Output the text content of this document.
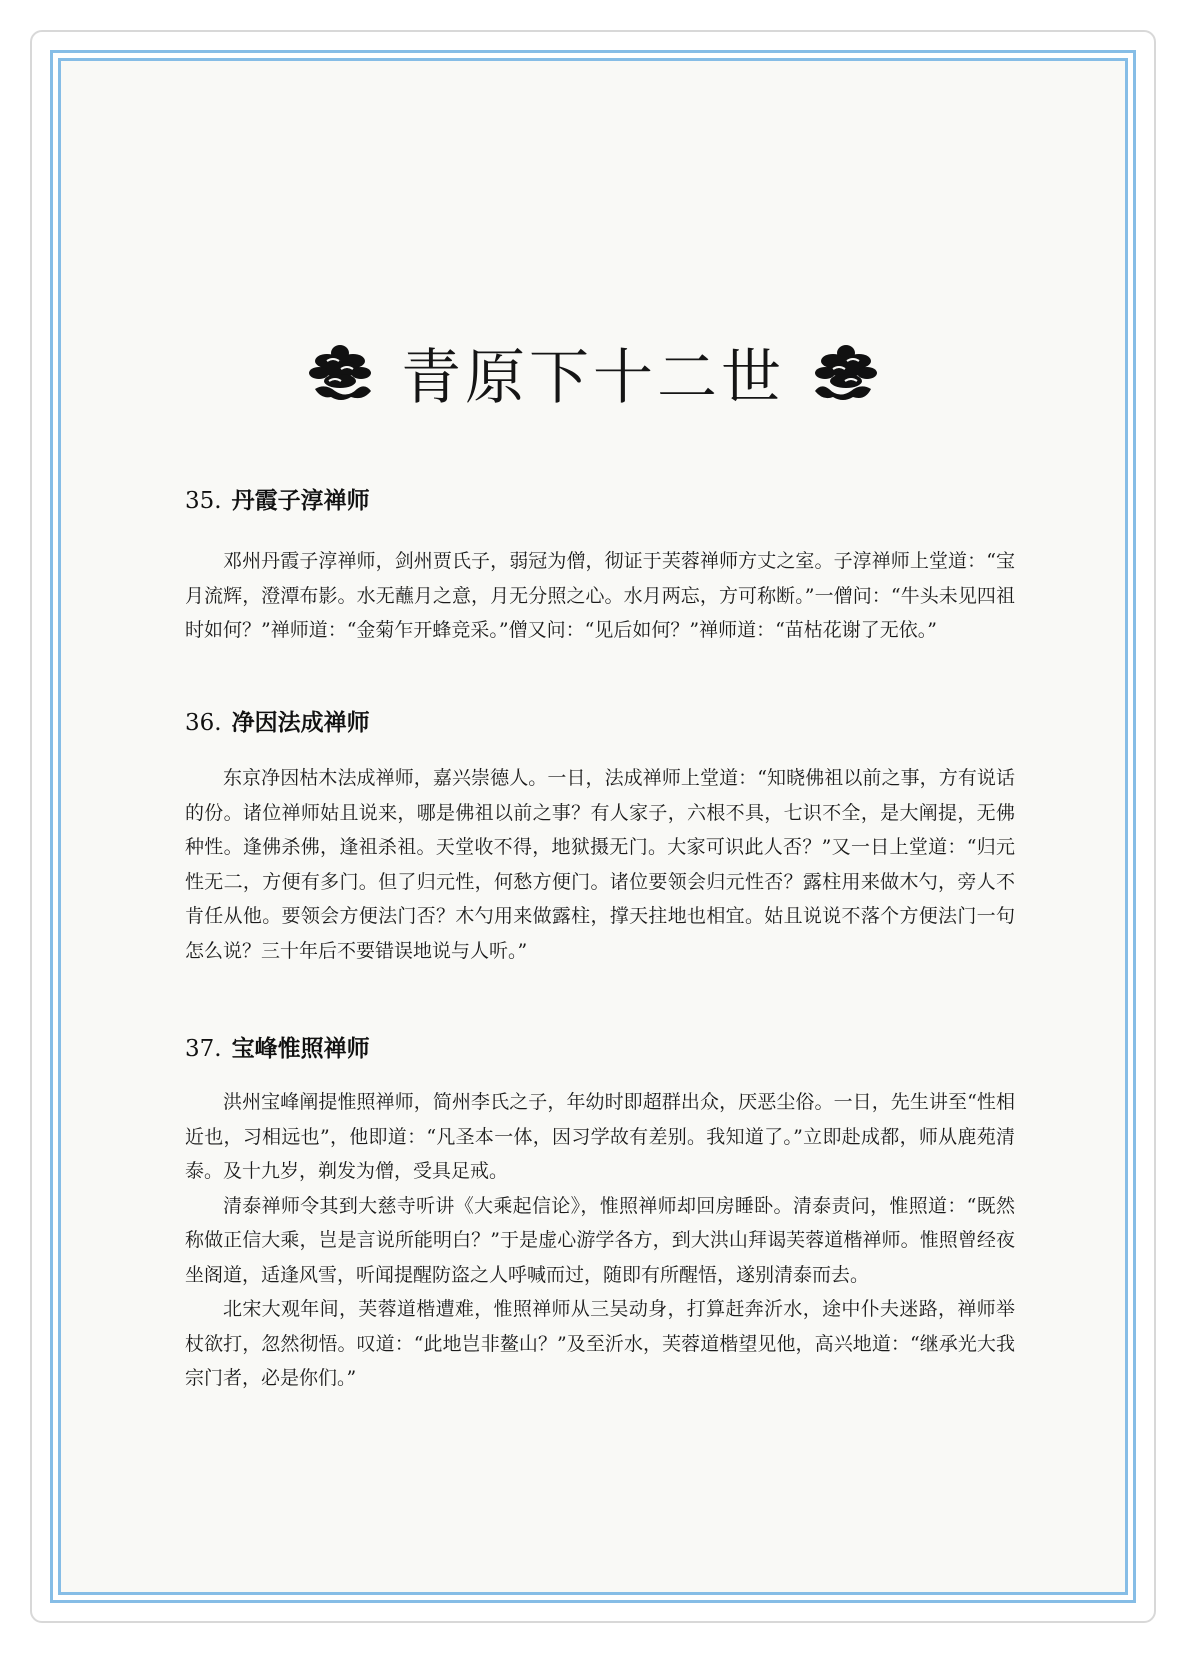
青原下十二世
35. 丹霞子淳禅师

邓州丹霞子淳禅师，剑州贾氏子，弱冠为僧，彻证于芙蓉禅师方丈之室。子淳禅师上堂道：“宝月流辉，澄潭布影。水无蘸月之意，月无分照之心。水月两忘，方可称断。”一僧问：“牛头未见四祖时如何？”禅师道：“金菊乍开蜂竞采。”僧又问：“见后如何？”禅师道：“苗枯花谢了无依。”

36. 净因法成禅师

东京净因枯木法成禅师，嘉兴崇德人。一日，法成禅师上堂道：“知晓佛祖以前之事，方有说话的份。诸位禅师姑且说来，哪是佛祖以前之事？有人家子，六根不具，七识不全，是大阐提，无佛种性。逢佛杀佛，逢祖杀祖。天堂收不得，地狱摄无门。大家可识此人否？”又一日上堂道：“归元性无二，方便有多门。但了归元性，何愁方便门。诸位要领会归元性否？露柱用来做木勺，旁人不肯任从他。要领会方便法门否？木勺用来做露柱，撑天拄地也相宜。姑且说说不落个方便法门一句怎么说？三十年后不要错误地说与人听。”

37. 宝峰惟照禅师

洪州宝峰阐提惟照禅师，简州李氏之子，年幼时即超群出众，厌恶尘俗。一日，先生讲至“性相近也，习相远也”，他即道：“凡圣本一体，因习学故有差别。我知道了。”立即赴成都，师从鹿苑清泰。及十九岁，剃发为僧，受具足戒。

清泰禅师令其到大慈寺听讲《大乘起信论》，惟照禅师却回房睡卧。清泰责问，惟照道：“既然称做正信大乘，岂是言说所能明白？”于是虚心游学各方，到大洪山拜谒芙蓉道楷禅师。惟照曾经夜坐阁道，适逢风雪，听闻提醒防盗之人呼喊而过，随即有所醒悟，遂别清泰而去。

北宋大观年间，芙蓉道楷遭难，惟照禅师从三吴动身，打算赶奔沂水，途中仆夫迷路，禅师举杖欲打，忽然彻悟。叹道：“此地岂非鳌山？”及至沂水，芙蓉道楷望见他，高兴地道：“继承光大我宗门者，必是你们。”
